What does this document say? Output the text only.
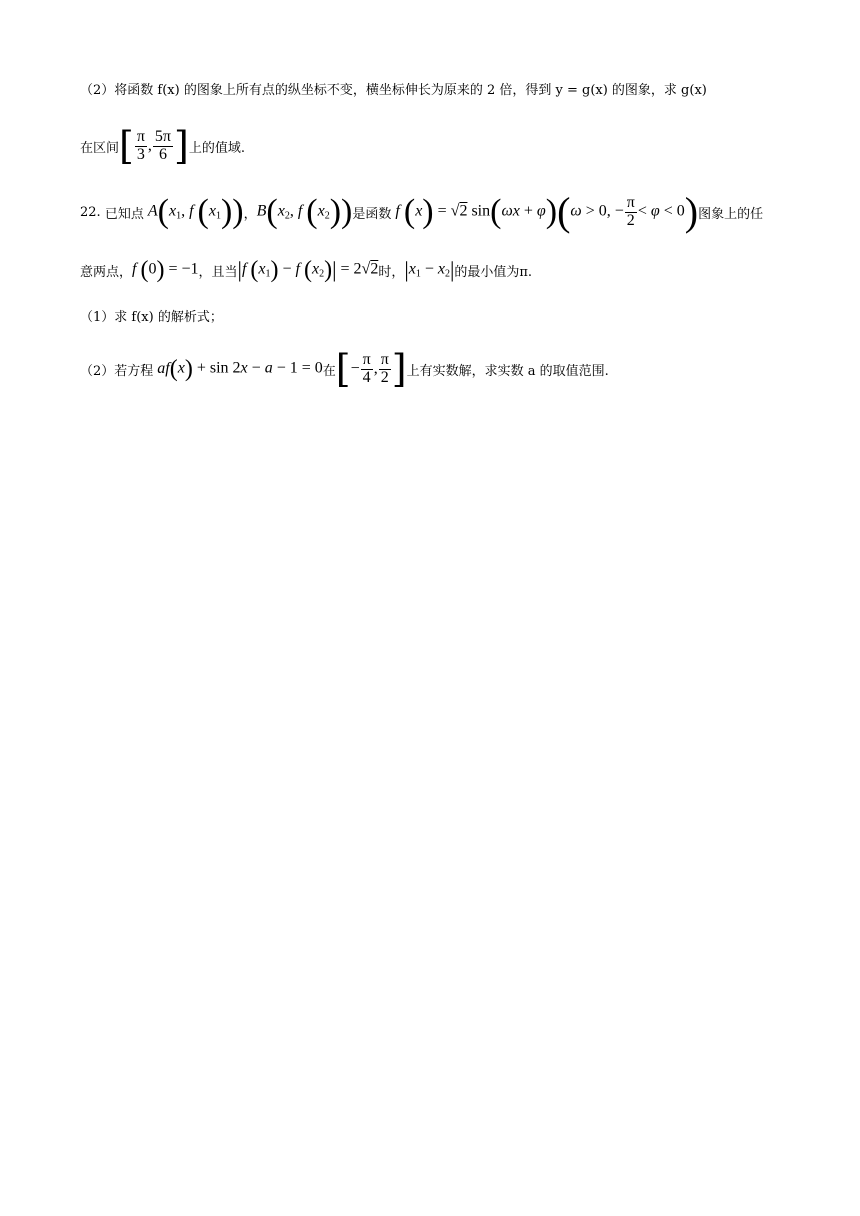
（2）将函数 f(x) 的图象上所有点的纵坐标不变，横坐标伸长为原来的 2 倍，得到 y = g(x) 的图象，求 g(x)
在区间 [ $\frac{\pi}{3}$ , $\frac{5\pi}{6}$ ] 上的值域.
22.
已知点 $A(x_1$, f $(x_1)$) ， $B(x_2$, f $(x_2)$) 是函数 f (x) = √2 sin(ωx + φ)(ω > 0, − $\frac{\pi}{2} < \varphi < 0$) 图象上的任
意两点， f (0) = −1 ，且当 |f $(x_1) - f$ $(x_2)| = 2√2$ 时， $|x_1 - x_2|$ 的最小值为π.
（1）求 f(x) 的解析式；
（2）若方程 af (x) + sin 2x − a − 1 = 0 在 [ − $\frac{\pi}{4}$ , $\frac{\pi}{2}$ ] 上有实数解，求实数 a 的取值范围.
